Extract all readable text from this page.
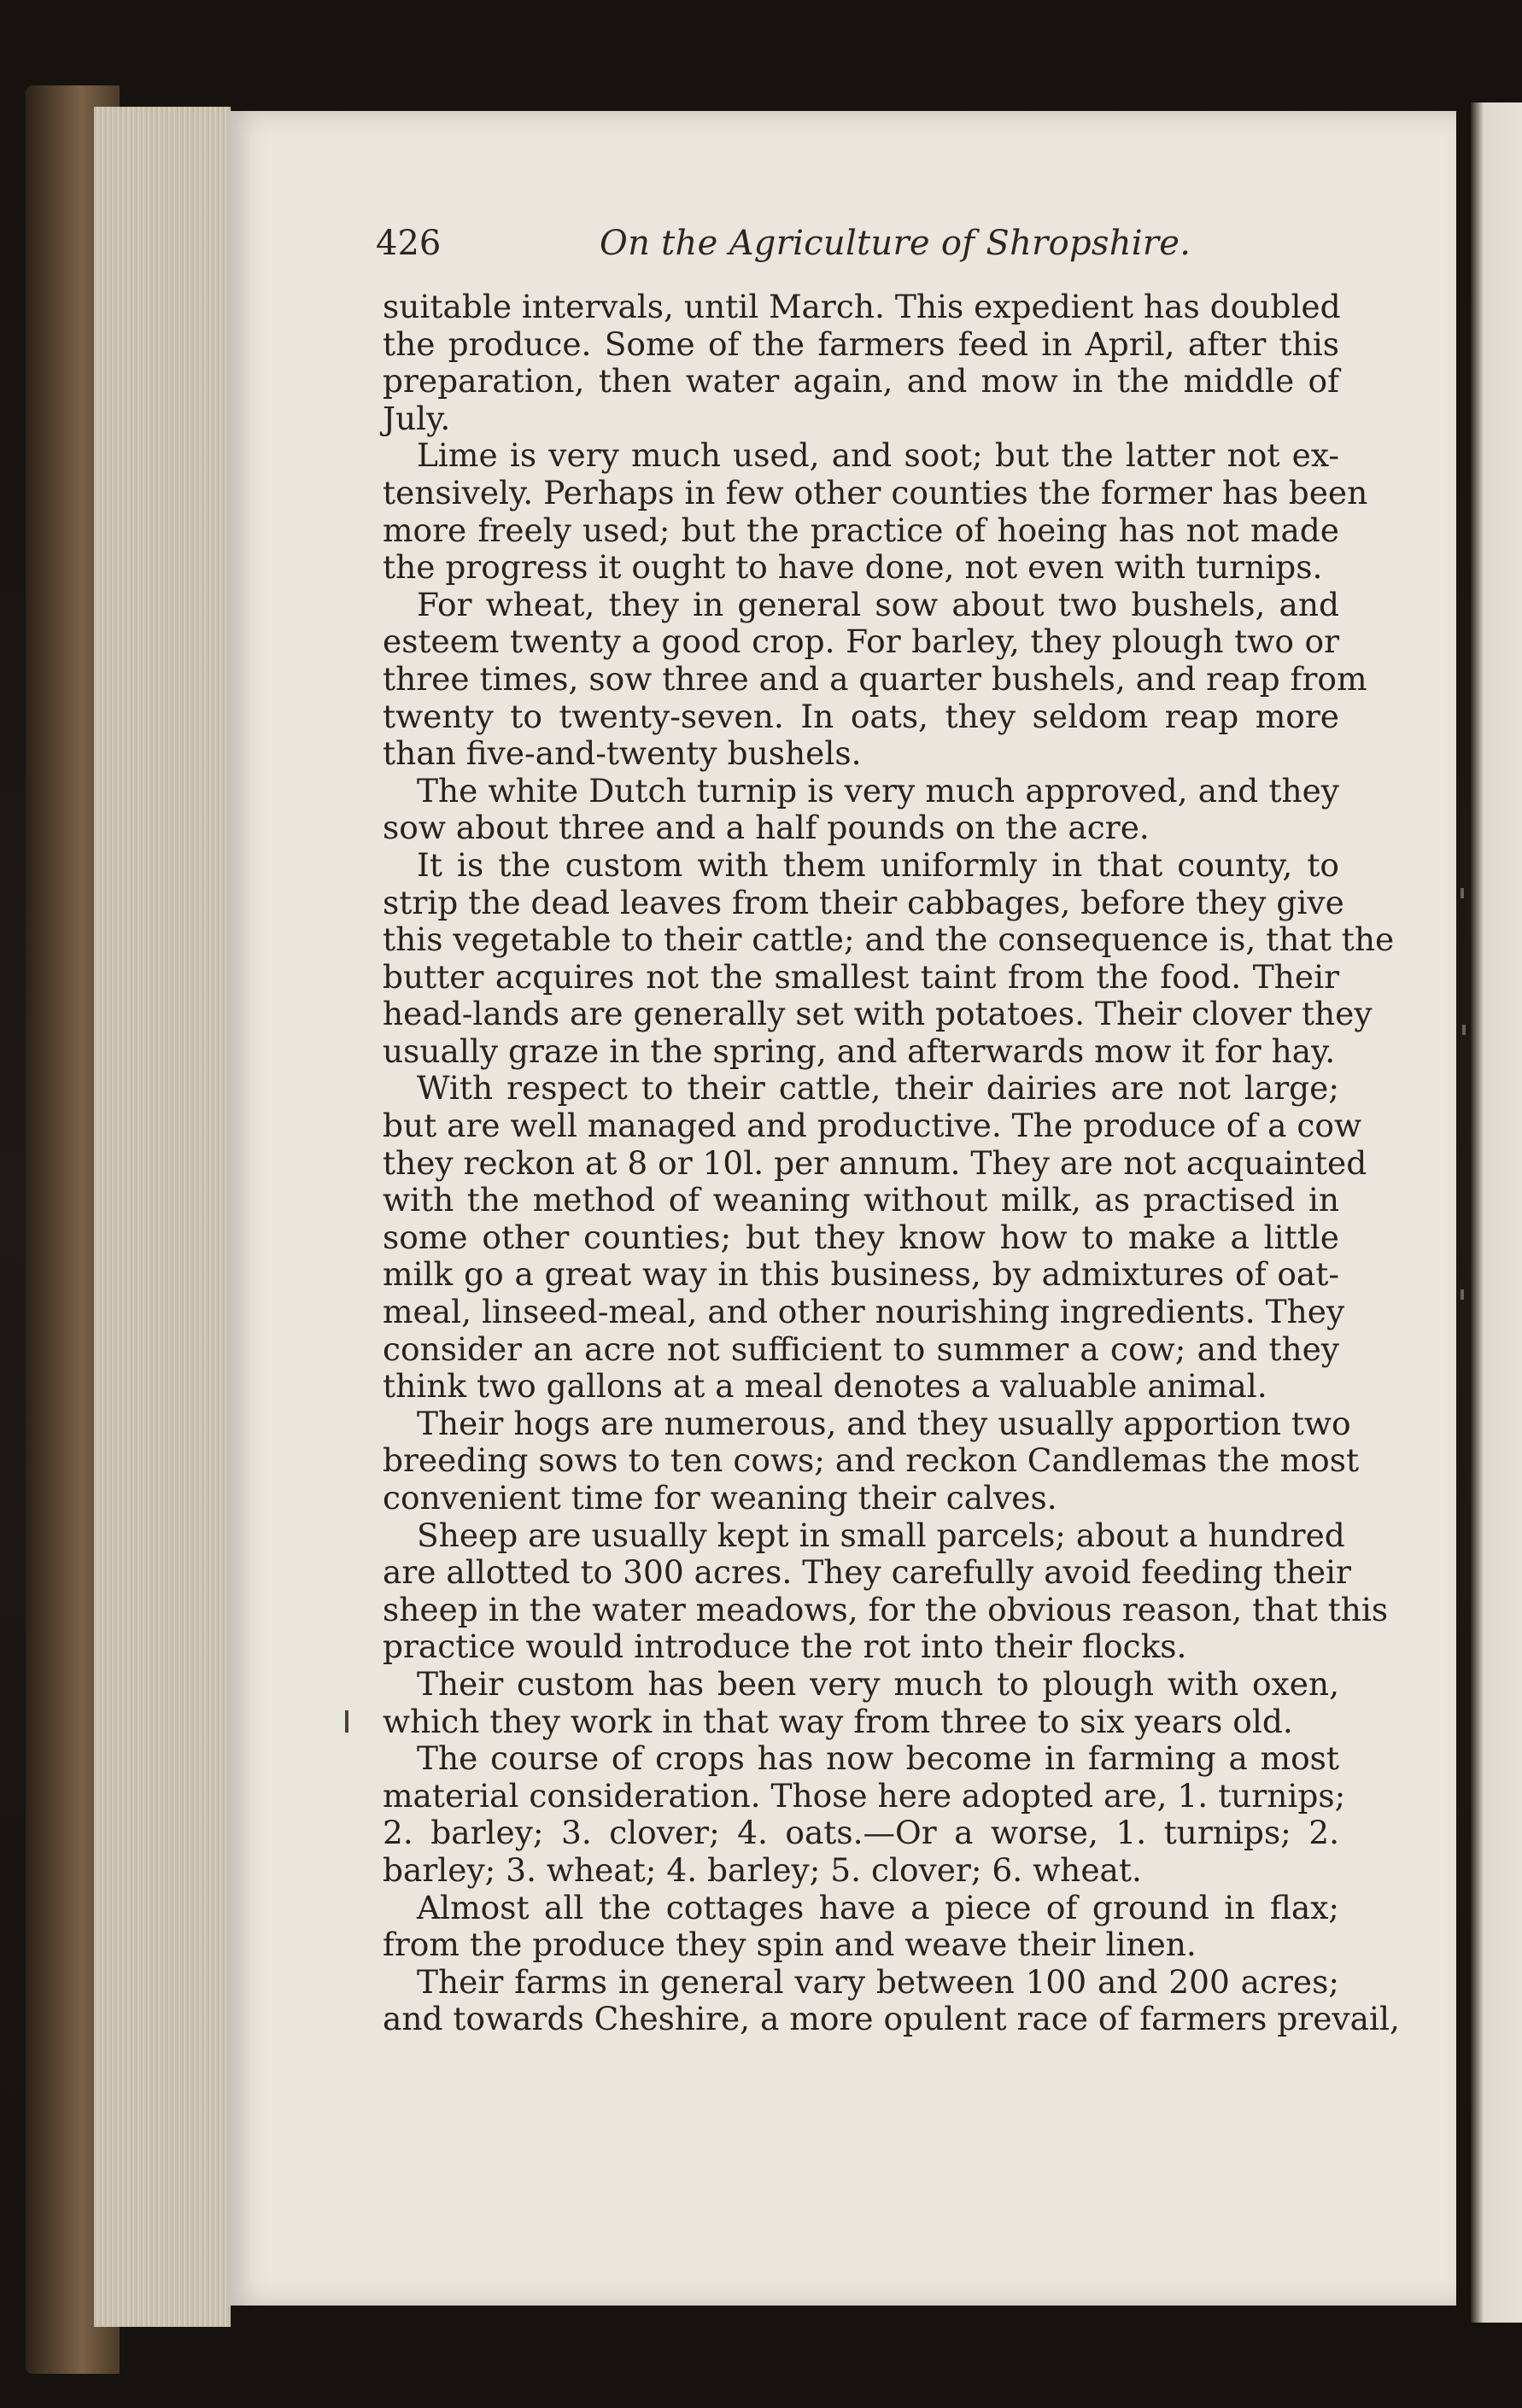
426	On the Agriculture of Shropshire.
suitable intervals, until March. This expedient has doubled
the produce. Some of the farmers feed in April, after this
preparation, then water again, and mow in the middle of
July.
Lime is very much used, and soot; but the latter not ex-
tensively. Perhaps in few other counties the former has been
more freely used; but the practice of hoeing has not made
the progress it ought to have done, not even with turnips.
For wheat, they in general sow about two bushels, and
esteem twenty a good crop. For barley, they plough two or
three times, sow three and a quarter bushels, and reap from
twenty to twenty-seven. In oats, they seldom reap more
than five-and-twenty bushels.
The white Dutch turnip is very much approved, and they
sow about three and a half pounds on the acre.
It is the custom with them uniformly in that county, to
strip the dead leaves from their cabbages, before they give
this vegetable to their cattle; and the consequence is, that the
butter acquires not the smallest taint from the food. Their
head-lands are generally set with potatoes. Their clover they
usually graze in the spring, and afterwards mow it for hay.
With respect to their cattle, their dairies are not large;
but are well managed and productive. The produce of a cow
they reckon at 8 or 10l. per annum. They are not acquainted
with the method of weaning without milk, as practised in
some other counties; but they know how to make a little
milk go a great way in this business, by admixtures of oat-
meal, linseed-meal, and other nourishing ingredients. They
consider an acre not sufficient to summer a cow; and they
think two gallons at a meal denotes a valuable animal.
Their hogs are numerous, and they usually apportion two
breeding sows to ten cows; and reckon Candlemas the most
convenient time for weaning their calves.
Sheep are usually kept in small parcels; about a hundred
are allotted to 300 acres. They carefully avoid feeding their
sheep in the water meadows, for the obvious reason, that this
practice would introduce the rot into their flocks.
Their custom has been very much to plough with oxen,
which they work in that way from three to six years old.
The course of crops has now become in farming a most
material consideration. Those here adopted are, 1. turnips;
2. barley; 3. clover; 4. oats.—Or a worse, 1. turnips; 2.
barley; 3. wheat; 4. barley; 5. clover; 6. wheat.
Almost all the cottages have a piece of ground in flax;
from the produce they spin and weave their linen.
Their farms in general vary between 100 and 200 acres;
and towards Cheshire, a more opulent race of farmers prevail,
